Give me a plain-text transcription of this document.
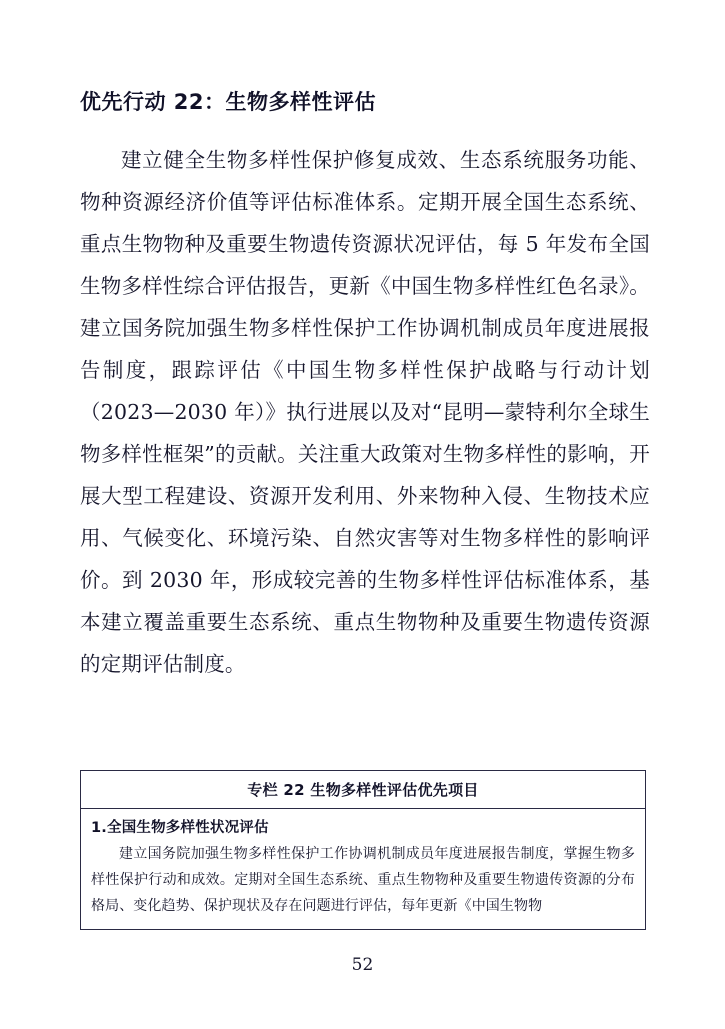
优先行动 22：生物多样性评估

建立健全生物多样性保护修复成效、生态系统服务功能、物种资源经济价值等评估标准体系。定期开展全国生态系统、重点生物物种及重要生物遗传资源状况评估，每 5 年发布全国生物多样性综合评估报告，更新《中国生物多样性红色名录》。建立国务院加强生物多样性保护工作协调机制成员年度进展报告制度，跟踪评估《中国生物多样性保护战略与行动计划（2023—2030 年）》执行进展以及对“昆明—蒙特利尔全球生物多样性框架”的贡献。关注重大政策对生物多样性的影响，开展大型工程建设、资源开发利用、外来物种入侵、生物技术应用、气候变化、环境污染、自然灾害等对生物多样性的影响评价。到 2030 年，形成较完善的生物多样性评估标准体系，基本建立覆盖重要生态系统、重点生物物种及重要生物遗传资源的定期评估制度。

专栏 22 生物多样性评估优先项目

1.全国生物多样性状况评估

建立国务院加强生物多样性保护工作协调机制成员年度进展报告制度，掌握生物多样性保护行动和成效。定期对全国生态系统、重点生物物种及重要生物遗传资源的分布格局、变化趋势、保护现状及存在问题进行评估，每年更新《中国生物物

52
